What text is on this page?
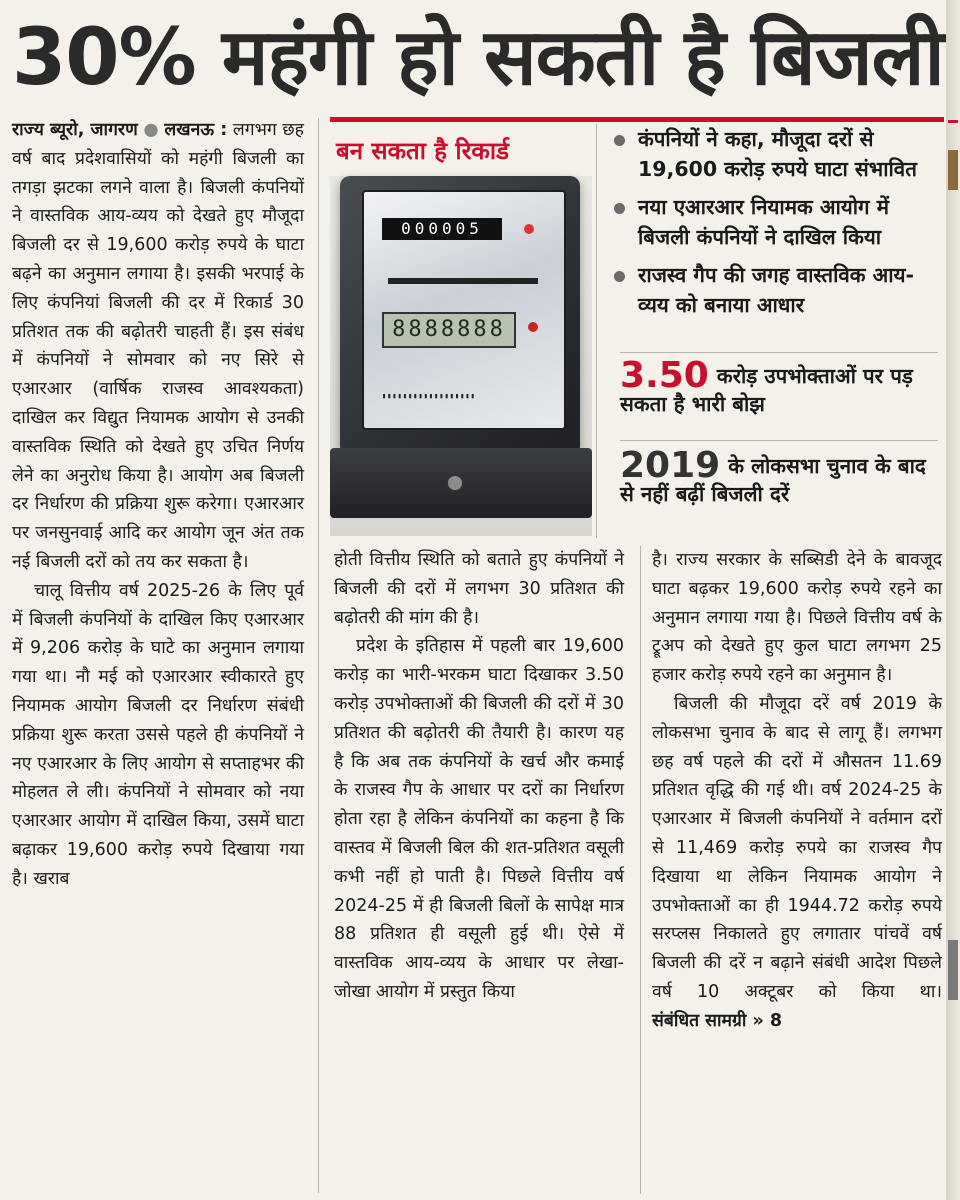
30% महंगी हो सकती है बिजली

राज्य ब्यूरो, जागरण ● लखनऊ : लगभग छह वर्ष बाद प्रदेशवासियों को महंगी बिजली का तगड़ा झटका लगने वाला है। बिजली कंपनियों ने वास्तविक आय-व्यय को देखते हुए मौजूदा बिजली दर से 19,600 करोड़ रुपये के घाटा बढ़ने का अनुमान लगाया है। इसकी भरपाई के लिए कंपनियां बिजली की दर में रिकार्ड 30 प्रतिशत तक की बढ़ोतरी चाहती हैं। इस संबंध में कंपनियों ने सोमवार को नए सिरे से एआरआर (वार्षिक राजस्व आवश्यकता) दाखिल कर विद्युत नियामक आयोग से उनकी वास्तविक स्थिति को देखते हुए उचित निर्णय लेने का अनुरोध किया है। आयोग अब बिजली दर निर्धारण की प्रक्रिया शुरू करेगा। एआरआर पर जनसुनवाई आदि कर आयोग जून अंत तक नई बिजली दरों को तय कर सकता है।

चालू वित्तीय वर्ष 2025-26 के लिए पूर्व में बिजली कंपनियों के दाखिल किए एआरआर में 9,206 करोड़ के घाटे का अनुमान लगाया गया था। नौ मई को एआरआर स्वीकारते हुए नियामक आयोग बिजली दर निर्धारण संबंधी प्रक्रिया शुरू करता उससे पहले ही कंपनियों ने नए एआरआर के लिए आयोग से सप्ताहभर की मोहलत ले ली। कंपनियों ने सोमवार को नया एआरआर आयोग में दाखिल किया, उसमें घाटा बढ़ाकर 19,600 करोड़ रुपये दिखाया गया है। खराब

बन सकता है रिकार्ड
000005
8888888
▮▮▮▮▮▮▮▮▮▮▮▮▮▮▮▮▮▮
कंपनियों ने कहा, मौजूदा दरों से 19,600 करोड़ रुपये घाटा संभावित
नया एआरआर नियामक आयोग में बिजली कंपनियों ने दाखिल किया
राजस्व गैप की जगह वास्तविक आय-व्यय को बनाया आधार
3.50 करोड़ उपभोक्ताओं पर पड़ सकता है भारी बोझ
2019 के लोकसभा चुनाव के बाद से नहीं बढ़ीं बिजली दरें

होती वित्तीय स्थिति को बताते हुए कंपनियों ने बिजली की दरों में लगभग 30 प्रतिशत की बढ़ोतरी की मांग की है।

प्रदेश के इतिहास में पहली बार 19,600 करोड़ का भारी-भरकम घाटा दिखाकर 3.50 करोड़ उपभोक्ताओं की बिजली की दरों में 30 प्रतिशत की बढ़ोतरी की तैयारी है। कारण यह है कि अब तक कंपनियों के खर्च और कमाई के राजस्व गैप के आधार पर दरों का निर्धारण होता रहा है लेकिन कंपनियों का कहना है कि वास्तव में बिजली बिल की शत-प्रतिशत वसूली कभी नहीं हो पाती है। पिछले वित्तीय वर्ष 2024-25 में ही बिजली बिलों के सापेक्ष मात्र 88 प्रतिशत ही वसूली हुई थी। ऐसे में वास्तविक आय-व्यय के आधार पर लेखा-जोखा आयोग में प्रस्तुत किया

है। राज्य सरकार के सब्सिडी देने के बावजूद घाटा बढ़कर 19,600 करोड़ रुपये रहने का अनुमान लगाया गया है। पिछले वित्तीय वर्ष के ट्रूअप को देखते हुए कुल घाटा लगभग 25 हजार करोड़ रुपये रहने का अनुमान है।

बिजली की मौजूदा दरें वर्ष 2019 के लोकसभा चुनाव के बाद से लागू हैं। लगभग छह वर्ष पहले की दरों में औसतन 11.69 प्रतिशत वृद्धि की गई थी। वर्ष 2024-25 के एआरआर में बिजली कंपनियों ने वर्तमान दरों से 11,469 करोड़ रुपये का राजस्व गैप दिखाया था लेकिन नियामक आयोग ने उपभोक्ताओं का ही 1944.72 करोड़ रुपये सरप्लस निकालते हुए लगातार पांचवें वर्ष बिजली की दरें न बढ़ाने संबंधी आदेश पिछले वर्ष 10 अक्टूबर को किया था। संबंधित सामग्री » 8
